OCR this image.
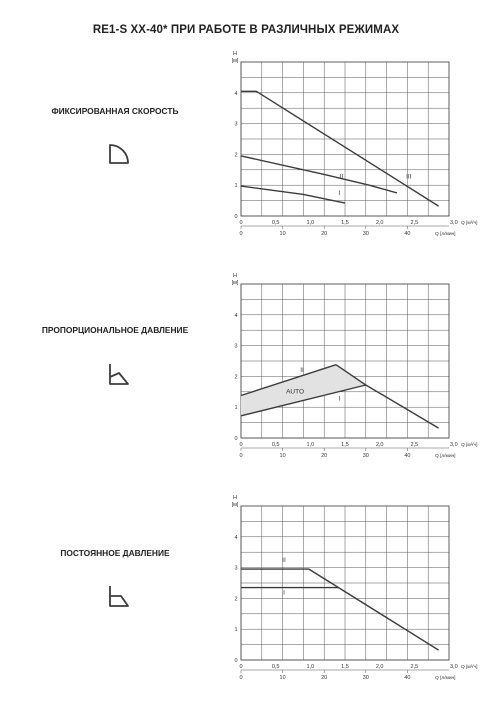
RE1-S XX-40* ПРИ РАБОТЕ В РАЗЛИЧНЫХ РЕЖИМАХ
ФИКСИРОВАННАЯ СКОРОСТЬ
ПРОПОРЦИОНАЛЬНОЕ ДАВЛЕНИЕ
ПОСТОЯННОЕ ДАВЛЕНИЕ
H
[м]
0
1
2
3
4
0	0,5	1,0	1,5	2,0	2,5	3,0 Q [м³/ч]
0	10	20	30	40	Q [л/мин]
III
II
I
H
[м]
0
1
2
3
4
0	0,5	1,0	1,5	2,0	2,5	3,0 Q [м³/ч]
0	10	20	30	40	Q [л/мин]
II
AUTO
I
H
[м]
0
1
2
3
4
0	0,5	1,0	1,5	2,0	2,5	3,0 Q [м³/ч]
0	10	20	30	40	Q [л/мин]
II
I
